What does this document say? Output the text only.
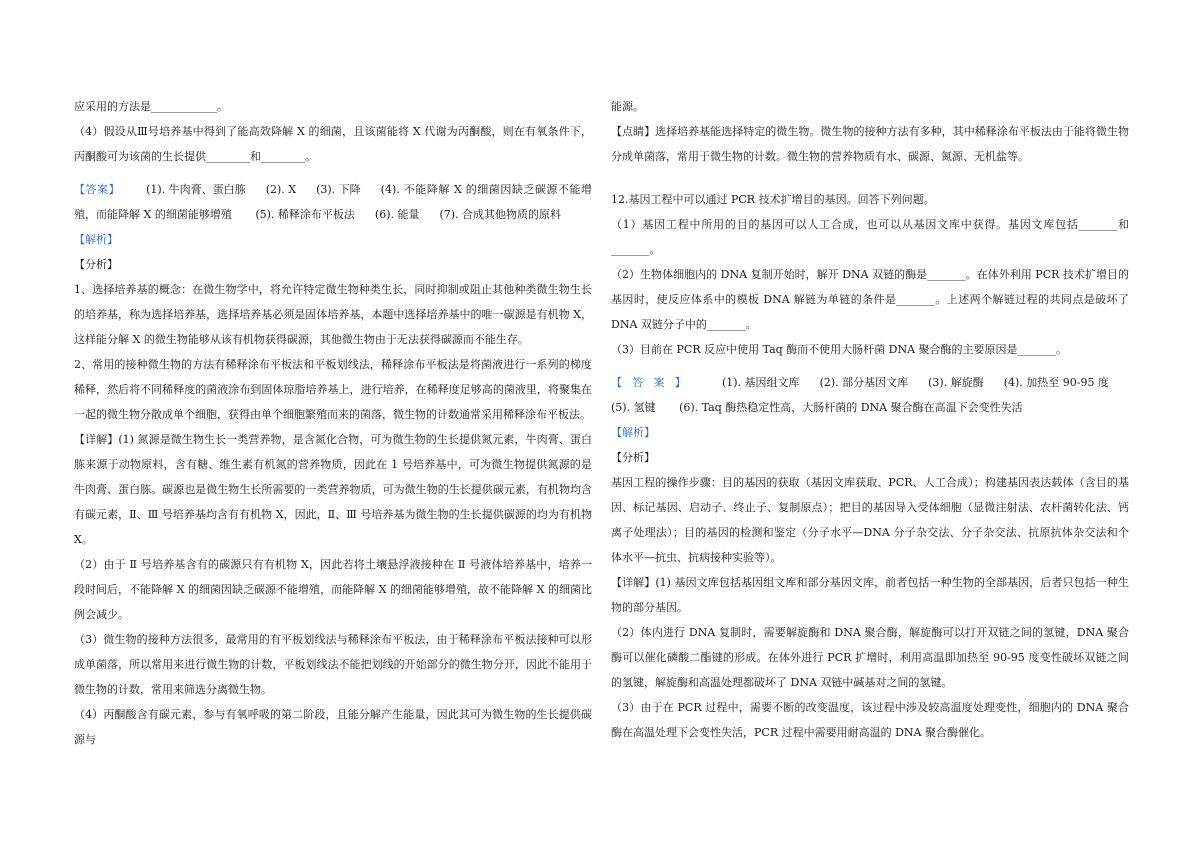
应采用的方法是____________。

（4）假设从Ⅲ号培养基中得到了能高效降解 X 的细菌，且该菌能将 X 代谢为丙酮酸，则在有氧条件下，丙酮酸可为该菌的生长提供________和________。

【答案】 (1). 牛肉膏、蛋白胨 (2). X (3). 下降 (4). 不能降解 X 的细菌因缺乏碳源不能增殖，而能降解 X 的细菌能够增殖 (5). 稀释涂布平板法 (6). 能量 (7). 合成其他物质的原料

【解析】

【分析】

1、选择培养基的概念：在微生物学中，将允许特定微生物种类生长，同时抑制或阻止其他种类微生物生长的培养基，称为选择培养基，选择培养基必须是固体培养基，本题中选择培养基中的唯一碳源是有机物 X，这样能分解 X 的微生物能够从该有机物获得碳源，其他微生物由于无法获得碳源而不能生存。

2、常用的接种微生物的方法有稀释涂布平板法和平板划线法，稀释涂布平板法是将菌液进行一系列的梯度稀释，然后将不同稀释度的菌液涂布到固体琼脂培养基上，进行培养，在稀释度足够高的菌液里，将聚集在一起的微生物分散成单个细胞，获得由单个细胞繁殖而来的菌落，微生物的计数通常采用稀释涂布平板法。

【详解】(1) 氮源是微生物生长一类营养物，是含氮化合物，可为微生物的生长提供氮元素，牛肉膏、蛋白胨来源于动物原料，含有糖、维生素有机氮的营养物质，因此在 1 号培养基中，可为微生物提供氮源的是牛肉膏、蛋白胨。碳源也是微生物生长所需要的一类营养物质，可为微生物的生长提供碳元素，有机物均含有碳元素，Ⅱ、Ⅲ 号培养基均含有有机物 X，因此，Ⅱ、Ⅲ 号培养基为微生物的生长提供碳源的均为有机物 X。

（2）由于 Ⅱ 号培养基含有的碳源只有有机物 X，因此若将土壤悬浮液接种在 Ⅱ 号液体培养基中，培养一段时间后，不能降解 X 的细菌因缺乏碳源不能增殖，而能降解 X 的细菌能够增殖，故不能降解 X 的细菌比例会减少。

（3）微生物的接种方法很多，最常用的有平板划线法与稀释涂布平板法，由于稀释涂布平板法接种可以形成单菌落，所以常用来进行微生物的计数，平板划线法不能把划线的开始部分的微生物分开，因此不能用于微生物的计数，常用来筛选分离微生物。

（4）丙酮酸含有碳元素，参与有氧呼吸的第二阶段，且能分解产生能量，因此其可为微生物的生长提供碳源与

能源。

【点睛】选择培养基能选择特定的微生物。微生物的接种方法有多种，其中稀释涂布平板法由于能将微生物分成单菌落，常用于微生物的计数。微生物的营养物质有水、碳源、氮源、无机盐等。

12.基因工程中可以通过 PCR 技术扩增目的基因。回答下列问题。

（1）基因工程中所用的目的基因可以人工合成，也可以从基因文库中获得。基因文库包括_______和_______。

（2）生物体细胞内的 DNA 复制开始时，解开 DNA 双链的酶是_______。在体外利用 PCR 技术扩增目的基因时，使反应体系中的模板 DNA 解链为单链的条件是_______。上述两个解链过程的共同点是破坏了 DNA 双链分子中的_______。

（3）目前在 PCR 反应中使用 Taq 酶而不使用大肠杆菌 DNA 聚合酶的主要原因是_______。

【答案】 (1). 基因组文库 (2). 部分基因文库 (3). 解旋酶 (4). 加热至 90-95 度(5). 氢键 (6). Taq 酶热稳定性高，大肠杆菌的 DNA 聚合酶在高温下会变性失活

【解析】

【分析】

基因工程的操作步骤：目的基因的获取（基因文库获取、PCR、人工合成）；构建基因表达载体（含目的基因、标记基因、启动子、终止子、复制原点）；把目的基因导入受体细胞（显微注射法、农杆菌转化法、钙离子处理法）；目的基因的检测和鉴定（分子水平—DNA 分子杂交法、分子杂交法、抗原抗体杂交法和个体水平—抗虫、抗病接种实验等）。

【详解】(1) 基因文库包括基因组文库和部分基因文库，前者包括一种生物的全部基因，后者只包括一种生物的部分基因。

（2）体内进行 DNA 复制时，需要解旋酶和 DNA 聚合酶，解旋酶可以打开双链之间的氢键，DNA 聚合酶可以催化磷酸二酯键的形成。在体外进行 PCR 扩增时，利用高温即加热至 90-95 度变性破坏双链之间的氢键，解旋酶和高温处理都破坏了 DNA 双链中碱基对之间的氢键。

（3）由于在 PCR 过程中，需要不断的改变温度，该过程中涉及较高温度处理变性，细胞内的 DNA 聚合酶在高温处理下会变性失活，PCR 过程中需要用耐高温的 DNA 聚合酶催化。
